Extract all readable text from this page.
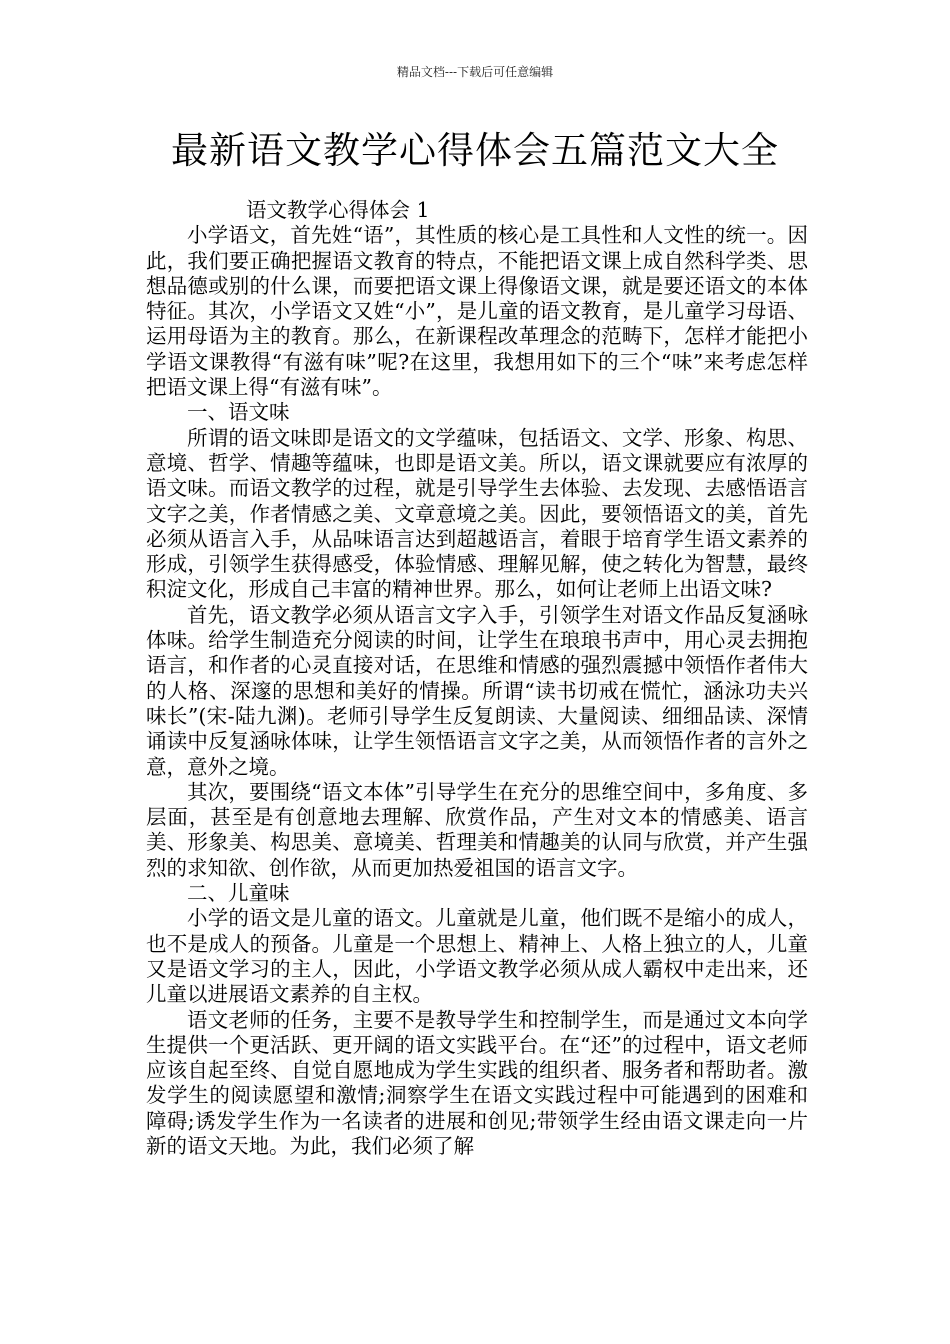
精品文档---下载后可任意编辑
最新语文教学心得体会五篇范文大全

语文教学心得体会 1

小学语文，首先姓“语”，其性质的核心是工具性和人文性的统一。因此，我们要正确把握语文教育的特点，不能把语文课上成自然科学类、思想品德或别的什么课，而要把语文课上得像语文课，就是要还语文的本体特征。其次，小学语文又姓“小”，是儿童的语文教育，是儿童学习母语、运用母语为主的教育。那么，在新课程改革理念的范畴下，怎样才能把小学语文课教得“有滋有味”呢?在这里，我想用如下的三个“味”来考虑怎样把语文课上得“有滋有味”。

一、语文味

所谓的语文味即是语文的文学蕴味，包括语文、文学、形象、构思、意境、哲学、情趣等蕴味，也即是语文美。所以，语文课就要应有浓厚的语文味。而语文教学的过程，就是引导学生去体验、去发现、去感悟语言文字之美，作者情感之美、文章意境之美。因此，要领悟语文的美，首先必须从语言入手，从品味语言达到超越语言，着眼于培育学生语文素养的形成，引领学生获得感受，体验情感、理解见解，使之转化为智慧，最终积淀文化，形成自己丰富的精神世界。那么，如何让老师上出语文味?

首先，语文教学必须从语言文字入手，引领学生对语文作品反复涵咏体味。给学生制造充分阅读的时间，让学生在琅琅书声中，用心灵去拥抱语言，和作者的心灵直接对话，在思维和情感的强烈震撼中领悟作者伟大的人格、深邃的思想和美好的情操。所谓“读书切戒在慌忙，涵泳功夫兴味长”(宋-陆九渊)。老师引导学生反复朗读、大量阅读、细细品读、深情诵读中反复涵咏体味，让学生领悟语言文字之美，从而领悟作者的言外之意，意外之境。

其次，要围绕“语文本体”引导学生在充分的思维空间中，多角度、多层面，甚至是有创意地去理解、欣赏作品，产生对文本的情感美、语言美、形象美、构思美、意境美、哲理美和情趣美的认同与欣赏，并产生强烈的求知欲、创作欲，从而更加热爱祖国的语言文字。

二、儿童味

小学的语文是儿童的语文。儿童就是儿童，他们既不是缩小的成人，也不是成人的预备。儿童是一个思想上、精神上、人格上独立的人，儿童又是语文学习的主人，因此，小学语文教学必须从成人霸权中走出来，还儿童以进展语文素养的自主权。

语文老师的任务，主要不是教导学生和控制学生，而是通过文本向学生提供一个更活跃、更开阔的语文实践平台。在“还”的过程中，语文老师应该自起至终、自觉自愿地成为学生实践的组织者、服务者和帮助者。激发学生的阅读愿望和激情;洞察学生在语文实践过程中可能遇到的困难和障碍;诱发学生作为一名读者的进展和创见;带领学生经由语文课走向一片新的语文天地。为此，我们必须了解
